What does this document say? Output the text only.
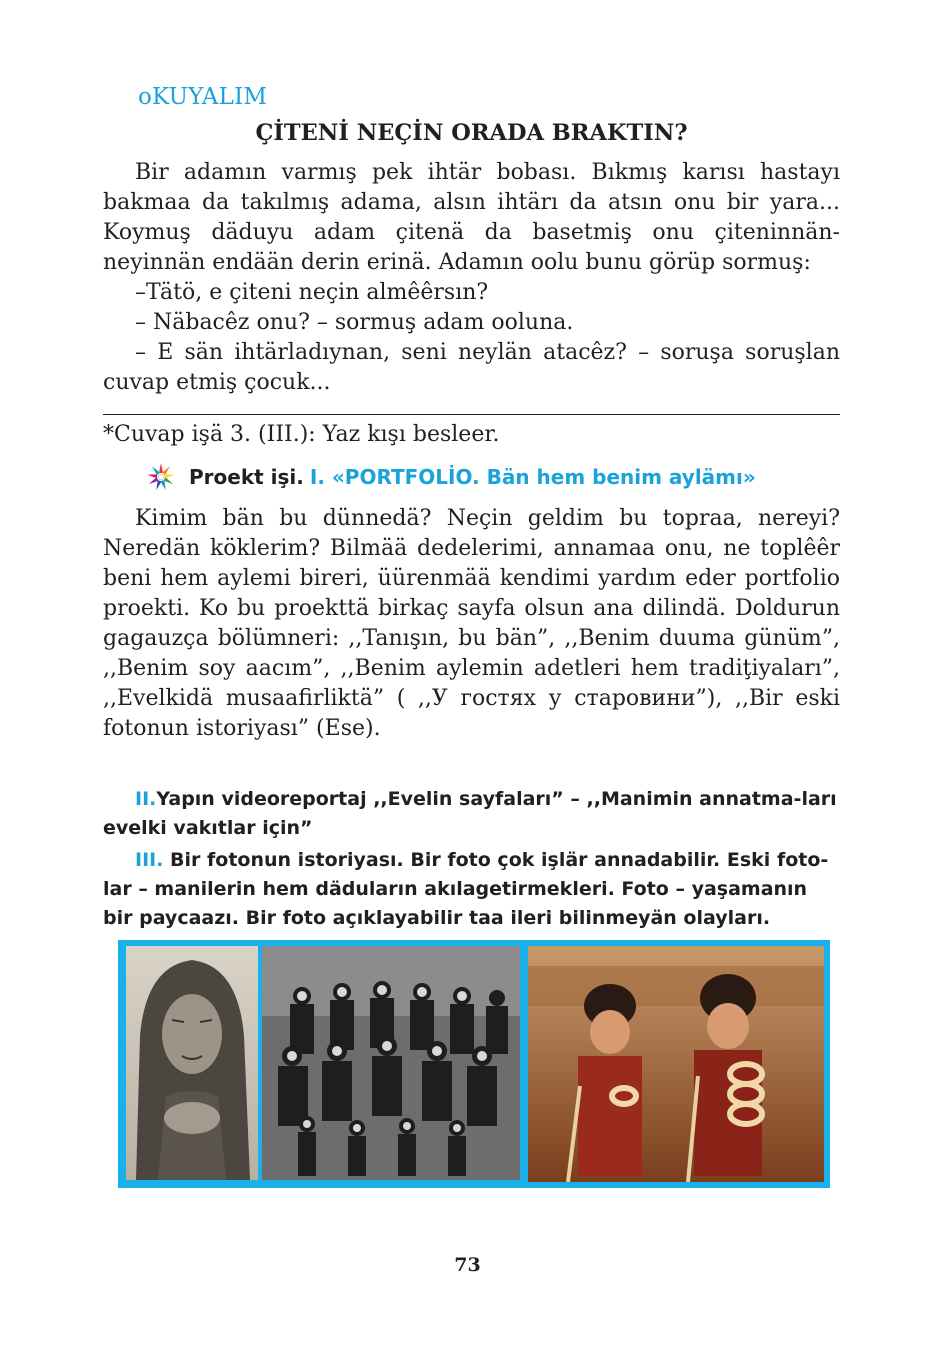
oKUYALIM
ÇİTENİ NEÇİN ORADA BRAKTIN?

Bir adamın varmış pek ihtär bobası. Bıkmış karısı hastayı bakmaa da takılmış adama, alsın ihtärı da atsın onu bir yara... Koymuş däduyu adam çitenä da basetmiş onu çiteninnän-neyinnän endään derin erinä. Adamın oolu bunu görüp sormuş:

–Tätö, e çiteni neçin almêêrsın?

– Näbacêz onu? – sormuş adam ooluna.

– E sän ihtärladıynan, seni neylän atacêz? – soruşa soruşlan cuvap etmiş çocuk...

*Cuvap işä 3. (III.): Yaz kışı besleer.
Proekt işi. I. «PORTFOLİO. Bän hem benim aylämı»

Kimim bän bu dünnedä? Neçin geldim bu topraa, nereyi? Neredän köklerim? Bilmää dedelerimi, annamaa onu, ne toplêêr beni hem aylemi bireri, üürenmää kendimi yardım eder portfolio proekti. Ko bu proekttä birkaç sayfa olsun ana dilindä. Doldurun gagauzça bölümneri: ,,Tanışın, bu bän”, ,,Benim duuma günüm”, ,,Benim soy aacım”, ,,Benim aylemin adetleri hem tradiţiyaları”, ,,Evelkidä musaafirliktä” ( ,,У гостях у старовини”), ,,Bir eski fotonun istoriyası” (Ese).

II.Yapın videoreportaj ,,Evelin sayfaları” – ,,Manimin annatma-ları evelki vakıtlar için”

III. Bir fotonun istoriyası. Bir foto çok işlär annadabilir. Eski foto-lar – manilerin hem däduların akılagetirmekleri. Foto – yaşamanın bir paycaazı. Bir foto açıklayabilir taa ileri bilinmeyän olayları.

73
